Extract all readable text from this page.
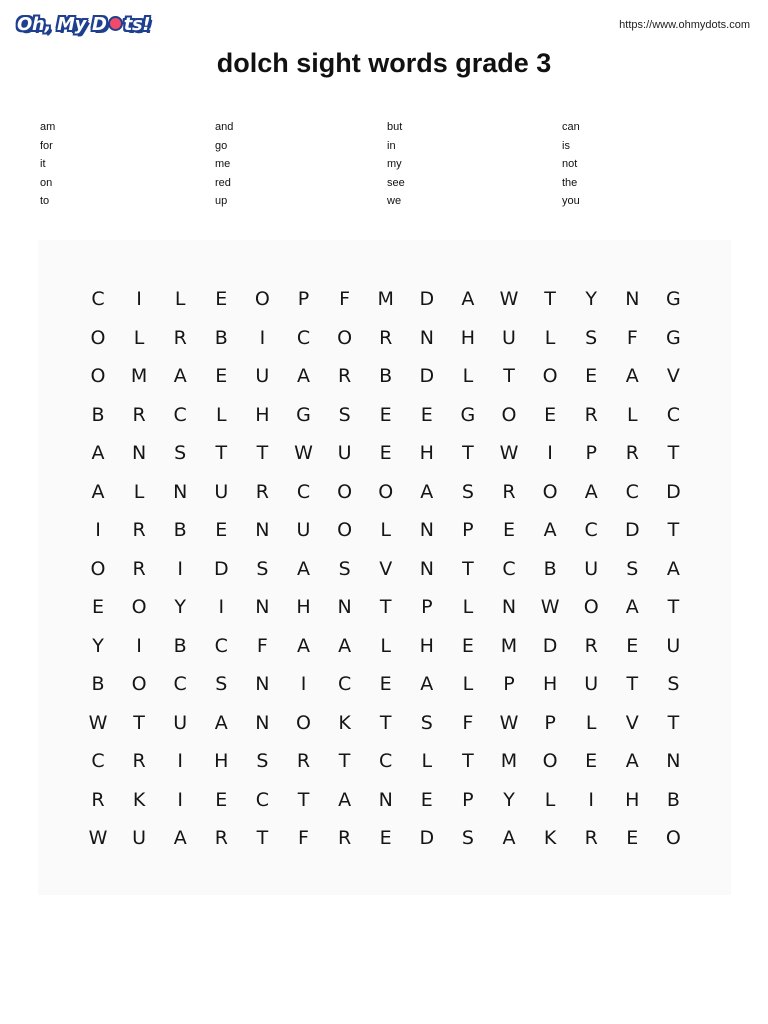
Oh, My D ts!	https://www.ohmydots.com
dolch sight words grade 3
am
for
it
on
to
and
go
me
red
up
but
in
my
see
we
can
is
not
the
you
C	I	L	E	O	P	F	M	D	A	W	T	Y	N	G
O	L	R	B	I	C	O	R	N	H	U	L	S	F	G
O	M	A	E	U	A	R	B	D	L	T	O	E	A	V
B	R	C	L	H	G	S	E	E	G	O	E	R	L	C
A	N	S	T	T	W	U	E	H	T	W	I	P	R	T
A	L	N	U	R	C	O	O	A	S	R	O	A	C	D
I	R	B	E	N	U	O	L	N	P	E	A	C	D	T
O	R	I	D	S	A	S	V	N	T	C	B	U	S	A
E	O	Y	I	N	H	N	T	P	L	N	W	O	A	T
Y	I	B	C	F	A	A	L	H	E	M	D	R	E	U
B	O	C	S	N	I	C	E	A	L	P	H	U	T	S
W	T	U	A	N	O	K	T	S	F	W	P	L	V	T
C	R	I	H	S	R	T	C	L	T	M	O	E	A	N
R	K	I	E	C	T	A	N	E	P	Y	L	I	H	B
W	U	A	R	T	F	R	E	D	S	A	K	R	E	O
